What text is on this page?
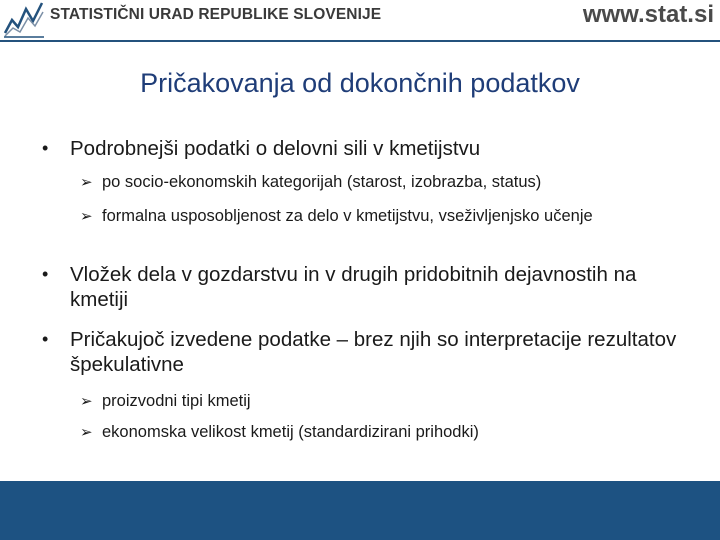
STATISTIČNI URAD REPUBLIKE SLOVENIJE	www.stat.si
Pričakovanja od dokončnih podatkov
• Podrobnejši podatki o delovni sili v kmetijstvu
➢ po socio-ekonomskih kategorijah (starost, izobrazba, status)
➢ formalna usposobljenost za delo v kmetijstvu, vseživljenjsko učenje
• Vložek dela v gozdarstvu in v drugih pridobitnih dejavnostih na kmetiji
• Pričakujoč izvedene podatke – brez njih so interpretacije rezultatov špekulativne
➢ proizvodni tipi kmetij
➢ ekonomska velikost kmetij (standardizirani prihodki)
